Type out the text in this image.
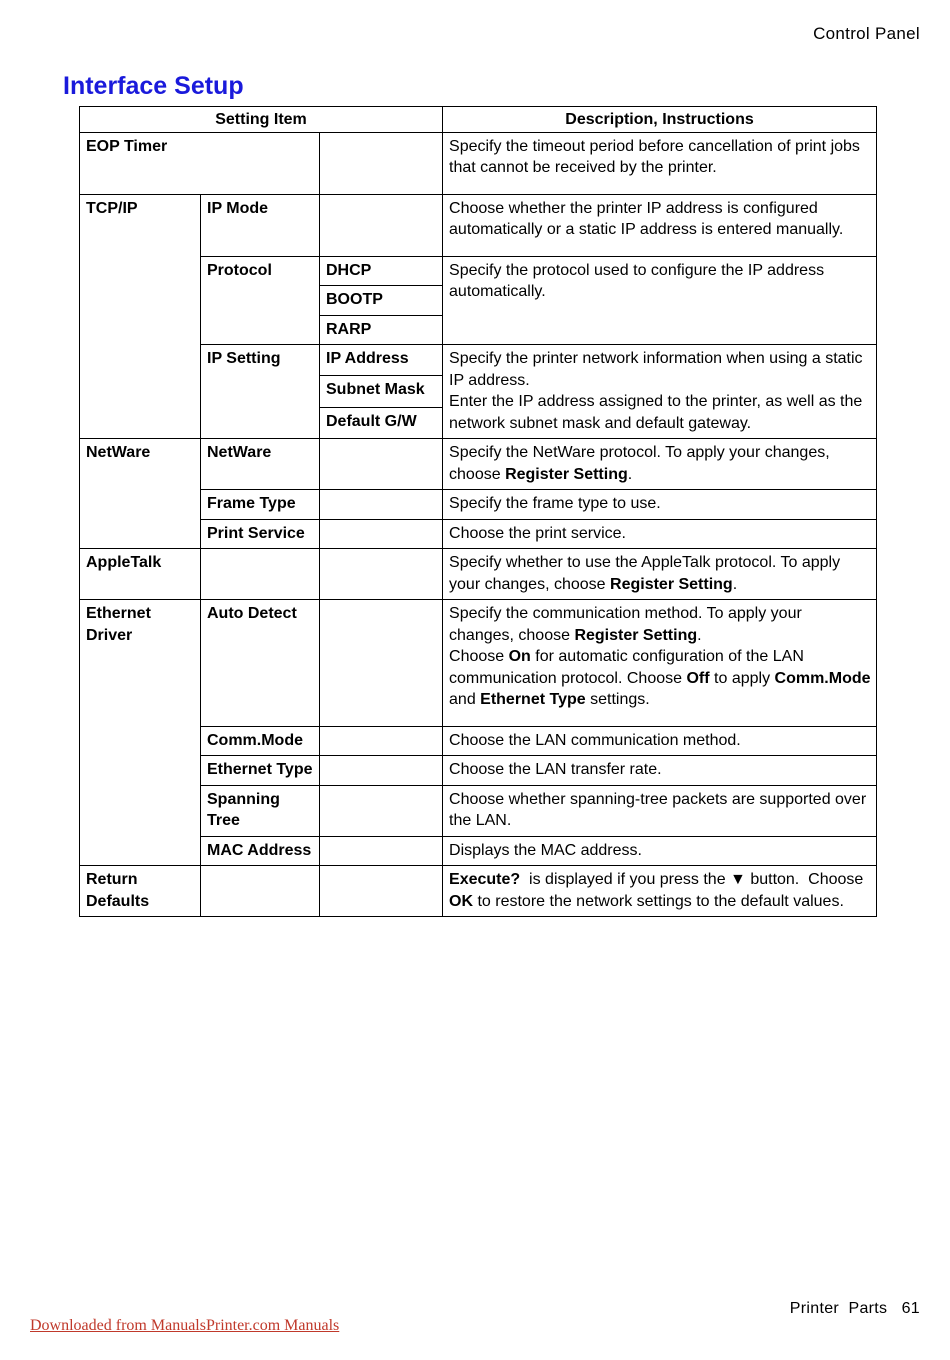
Control Panel
Interface Setup
Setting Item			Description, Instructions
EOP Timer			Specify the timeout period before cancellation of print jobs that cannot be received by the printer.
TCP/IP	IP Mode		Choose whether the printer IP address is configured automatically or a static IP address is entered manually.
	Protocol	DHCP	Specify the protocol used to configure the IP address automatically.
		BOOTP	
		RARP	
	IP Setting	IP Address	Specify the printer network information when using a static IP address.
Enter the IP address assigned to the printer, as well as the network subnet mask and default gateway.
		Subnet Mask	
		Default G/W	
NetWare	NetWare		Specify the NetWare protocol. To apply your changes, choose Register Setting.
	Frame Type		Specify the frame type to use.
	Print Service		Choose the print service.
AppleTalk			Specify whether to use the AppleTalk protocol. To apply your changes, choose Register Setting.
Ethernet Driver	Auto Detect		Specify the communication method. To apply your changes, choose Register Setting.
Choose On for automatic configuration of the LAN communication protocol. Choose Off to apply Comm.Mode and Ethernet Type settings.
	Comm.Mode		Choose the LAN communication method.
	Ethernet Type		Choose the LAN transfer rate.
	Spanning Tree		Choose whether spanning-tree packets are supported over the LAN.
	MAC Address		Displays the MAC address.
Return Defaults			Execute?  is displayed if you press the ▼ button.  Choose OK to restore the network settings to the default values.
Printer  Parts   61
Downloaded from ManualsPrinter.com Manuals
